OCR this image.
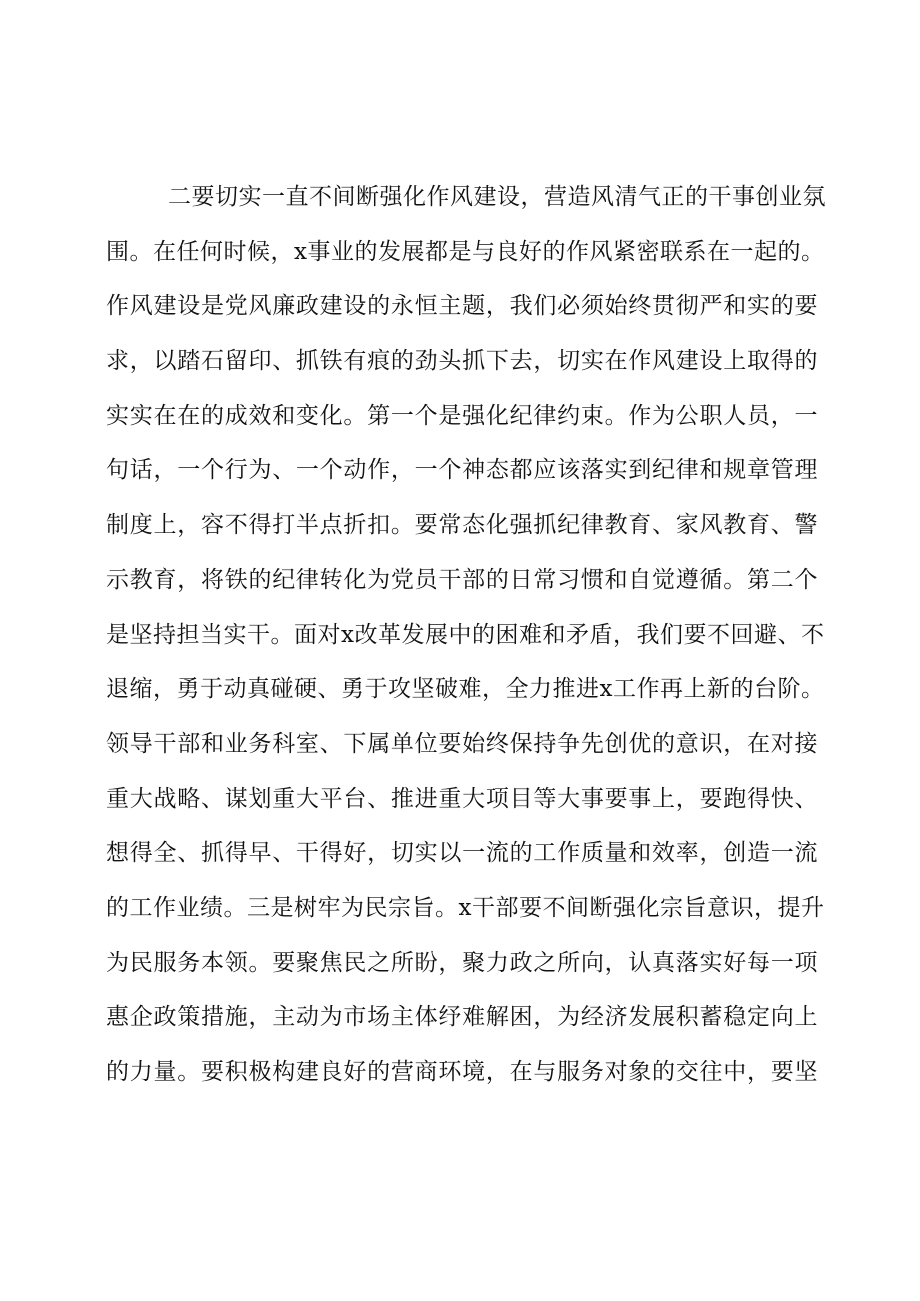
二要切实一直不间断强化作风建设，营造风清气正的干事创业氛
围。在任何时候，x事业的发展都是与良好的作风紧密联系在一起的。
作风建设是党风廉政建设的永恒主题，我们必须始终贯彻严和实的要
求，以踏石留印、抓铁有痕的劲头抓下去，切实在作风建设上取得的
实实在在的成效和变化。第一个是强化纪律约束。作为公职人员，一
句话，一个行为、一个动作，一个神态都应该落实到纪律和规章管理
制度上，容不得打半点折扣。要常态化强抓纪律教育、家风教育、警
示教育，将铁的纪律转化为党员干部的日常习惯和自觉遵循。第二个
是坚持担当实干。面对x改革发展中的困难和矛盾，我们要不回避、不
退缩，勇于动真碰硬、勇于攻坚破难，全力推进x工作再上新的台阶。
领导干部和业务科室、下属单位要始终保持争先创优的意识，在对接
重大战略、谋划重大平台、推进重大项目等大事要事上，要跑得快、
想得全、抓得早、干得好，切实以一流的工作质量和效率，创造一流
的工作业绩。三是树牢为民宗旨。x干部要不间断强化宗旨意识，提升
为民服务本领。要聚焦民之所盼，聚力政之所向，认真落实好每一项
惠企政策措施，主动为市场主体纾难解困，为经济发展积蓄稳定向上
的力量。要积极构建良好的营商环境，在与服务对象的交往中，要坚
